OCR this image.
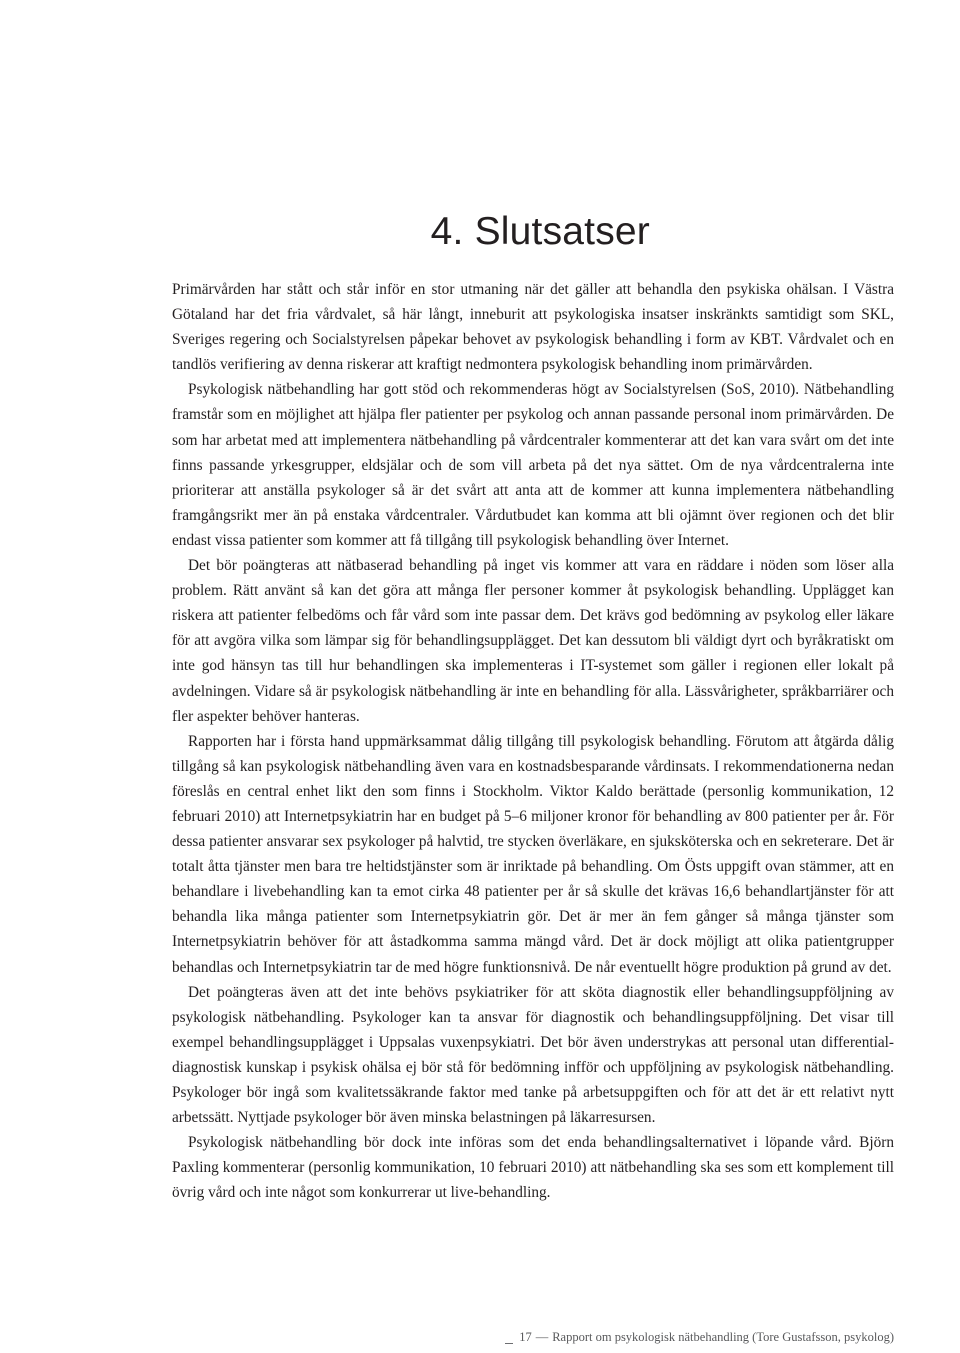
4. Slutsatser

Primärvården har stått och står inför en stor utmaning när det gäller att behandla den psykiska ohälsan. I Västra Götaland har det fria vårdvalet, så här långt, inneburit att psykologiska insatser inskränkts samtidigt som SKL, Sveriges regering och Socialstyrelsen påpekar behovet av psykologisk behandling i form av KBT. Vårdvalet och en tandlös verifiering av denna riskerar att kraftigt nedmontera psykologisk behandling inom primärvården.

Psykologisk nätbehandling har gott stöd och rekommenderas högt av Socialstyrelsen (SoS, 2010). Nätbehandling framstår som en möjlighet att hjälpa fler patienter per psykolog och annan passande personal inom primärvården. De som har arbetat med att implementera nätbehandling på vårdcentraler kommenterar att det kan vara svårt om det inte finns passande yrkesgrupper, eldsjälar och de som vill arbeta på det nya sättet. Om de nya vårdcentralerna inte prioriterar att anställa psykologer så är det svårt att anta att de kommer att kunna implementera nätbehandling framgångsrikt mer än på enstaka vårdcentraler. Vårdutbudet kan komma att bli ojämnt över regionen och det blir endast vissa patienter som kommer att få tillgång till psykologisk behandling över Internet.

Det bör poängteras att nätbaserad behandling på inget vis kommer att vara en räddare i nöden som löser alla problem. Rätt använt så kan det göra att många fler personer kommer åt psykologisk behandling. Upplägget kan riskera att patienter felbedöms och får vård som inte passar dem. Det krävs god bedömning av psykolog eller läkare för att avgöra vilka som lämpar sig för behandlingsupplägget. Det kan dessutom bli väldigt dyrt och byråkratiskt om inte god hänsyn tas till hur behandlingen ska implementeras i IT-systemet som gäller i regionen eller lokalt på avdelningen. Vidare så är psykologisk nätbehandling är inte en behandling för alla. Lässvårigheter, språkbarriärer och fler aspekter behöver hanteras.

Rapporten har i första hand uppmärksammat dålig tillgång till psykologisk behandling. Förutom att åtgärda dålig tillgång så kan psykologisk nätbehandling även vara en kostnadsbesparande vårdinsats. I rekommendationerna nedan föreslås en central enhet likt den som finns i Stockholm. Viktor Kaldo berättade (personlig kommunikation, 12 februari 2010) att Internetpsykiatrin har en budget på 5–6 miljoner kronor för behandling av 800 patienter per år. För dessa patienter ansvarar sex psykologer på halvtid, tre stycken överläkare, en sjuksköterska och en sekreterare. Det är totalt åtta tjänster men bara tre heltidstjänster som är inriktade på behandling. Om Östs uppgift ovan stämmer, att en behandlare i livebehandling kan ta emot cirka 48 patienter per år så skulle det krävas 16,6 behandlartjänster för att behandla lika många patienter som Internetpsykiatrin gör. Det är mer än fem gånger så många tjänster som Internetpsykiatrin behöver för att åstadkomma samma mängd vård. Det är dock möjligt att olika patientgrupper behandlas och Internetpsykiatrin tar de med högre funktionsnivå. De når eventuellt högre produktion på grund av det.

Det poängteras även att det inte behövs psykiatriker för att sköta diagnostik eller behandlingsuppföljning av psykologisk nätbehandling. Psykologer kan ta ansvar för diagnostik och behandlingsuppföljning. Det visar till exempel behandlingsupplägget i Uppsalas vuxenpsykiatri. Det bör även understrykas att personal utan differential-diagnostisk kunskap i psykisk ohälsa ej bör stå för bedömning infför och uppföljning av psykologisk nätbehandling. Psykologer bör ingå som kvalitetssäkrande faktor med tanke på arbetsuppgiften och för att det är ett relativt nytt arbetssätt. Nyttjade psykologer bör även minska belastningen på läkarresursen.

Psykologisk nätbehandling bör dock inte införas som det enda behandlingsalternativet i löpande vård. Björn Paxling kommenterar (personlig kommunikation, 10 februari 2010) att nätbehandling ska ses som ett komplement till övrig vård och inte något som konkurrerar ut live-behandling.

17 — Rapport om psykologisk nätbehandling (Tore Gustafsson, psykolog)
